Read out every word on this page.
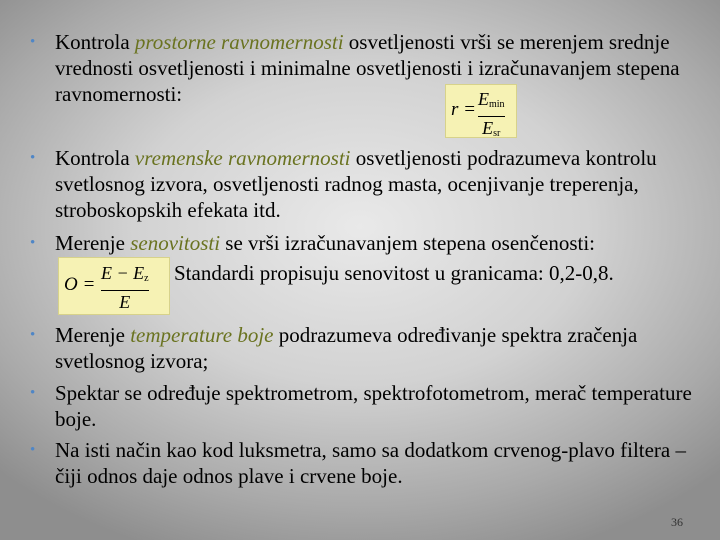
• Kontrola prostorne ravnomernosti osvetljenosti vrši se merenjem srednje vrednosti osvetljenosti i minimalne osvetljenosti i izračunavanjem stepena ravnomernosti:
$r = E_{min}$
$E_{sr}$
• Kontrola vremenske ravnomernosti osvetljenosti podrazumeva kontrolu svetlosnog izvora, osvetljenosti radnog masta, ocenjivanje treperenja, stroboskopskih efekata itd.
• Merenje senovitosti se vrši izračunavanjem stepena osenčenosti:
O =
$E - E_z$
E
Standardi propisuju senovitost u granicama: 0,2-0,8.
• Merenje temperature boje podrazumeva određivanje spektra zračenja svetlosnog izvora;
• Spektar se određuje spektrometrom, spektrofotometrom, merač temperature boje.
• Na isti način kao kod luksmetra, samo sa dodatkom crvenog-plavo filtera – čiji odnos daje odnos plave i crvene boje.
36
